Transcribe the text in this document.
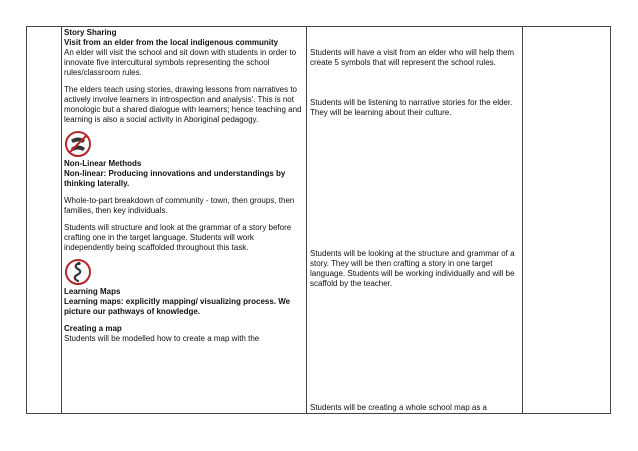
Story Sharing

Visit from an elder from the local indigenous community

An elder will visit the school and sit down with students in order to innovate five intercultural symbols representing the school rules/classroom rules.

The elders teach using stories, drawing lessons from narratives to actively involve learners in introspection and analysis'. This is not monologic but a shared dialogue with learners; hence teaching and learning is also a social activity in Aboriginal pedagogy.

Non-Linear Methods

Non-linear: Producing innovations and understandings by thinking laterally.

Whole-to-part breakdown of community - town, then groups, then families, then key individuals.

Students will structure and look at the grammar of a story before crafting one in the target language. Students will work independently being scaffolded throughout this task.

Learning Maps

Learning maps: explicitly mapping/ visualizing process. We picture our pathways of knowledge.

Creating a map

Students will be modelled how to create a map with the

Students will have a visit from an elder who will help them create 5 symbols that will represent the school rules.

Students will be listening to narrative stories for the elder. They will be learning about their culture.

Students will be looking at the structure and grammar of a story. They will be then crafting a story in one target language. Students will be working individually and will be scaffold by the teacher.

Students will be creating a whole school map as a
